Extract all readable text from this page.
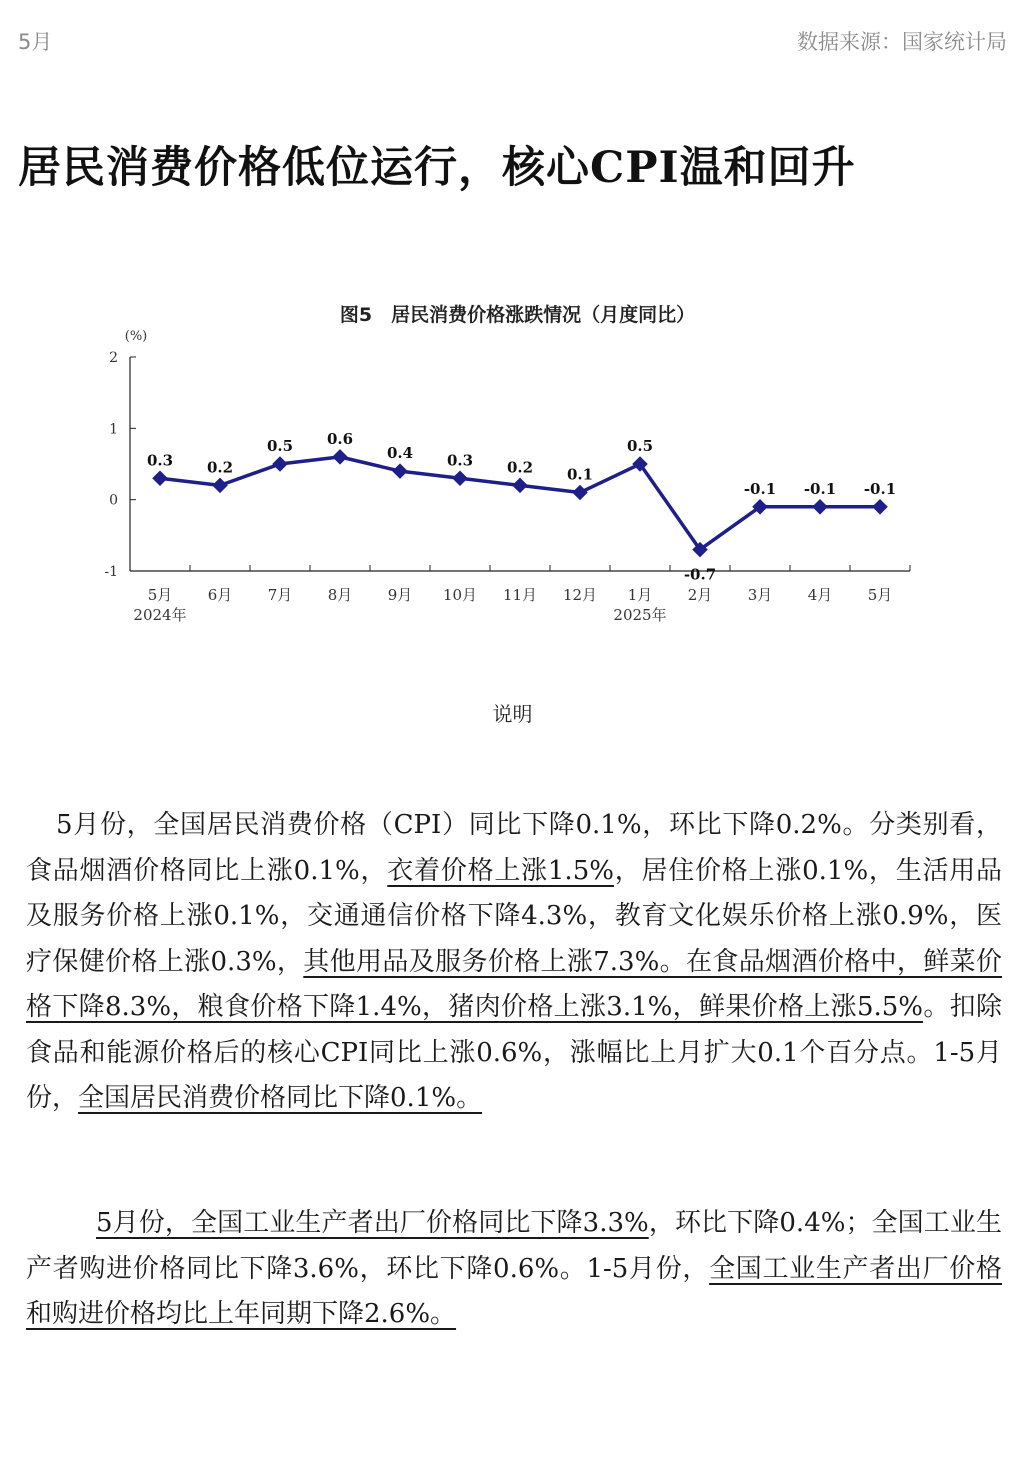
5月	数据来源：国家统计局
居民消费价格低位运行，核心CPI温和回升
图5　居民消费价格涨跌情况（月度同比）
(%)
2
1
0
-1
5月
2024年
6月 7月 8月 9月 10月 11月 12月 1月
2025年
2月 3月 4月 5月
0.3 0.2
0.5 0.6
0.4 0.3 0.2 0.1
0.5
-0.7
-0.1 -0.1 -0.1
说明

5月份，全国居民消费价格（CPI）同比下降0.1%，环比下降0.2%。分类别看，食品烟酒价格同比上涨0.1%，衣着价格上涨1.5%，居住价格上涨0.1%，生活用品及服务价格上涨0.1%，交通通信价格下降4.3%，教育文化娱乐价格上涨0.9%，医疗保健价格上涨0.3%，其他用品及服务价格上涨7.3%。在食品烟酒价格中，鲜菜价格下降8.3%，粮食价格下降1.4%，猪肉价格上涨3.1%，鲜果价格上涨5.5%。扣除食品和能源价格后的核心CPI同比上涨0.6%，涨幅比上月扩大0.1个百分点。1-5月份，全国居民消费价格同比下降0.1%。

5月份，全国工业生产者出厂价格同比下降3.3%，环比下降0.4%；全国工业生产者购进价格同比下降3.6%，环比下降0.6%。1-5月份，全国工业生产者出厂价格和购进价格均比上年同期下降2.6%。
